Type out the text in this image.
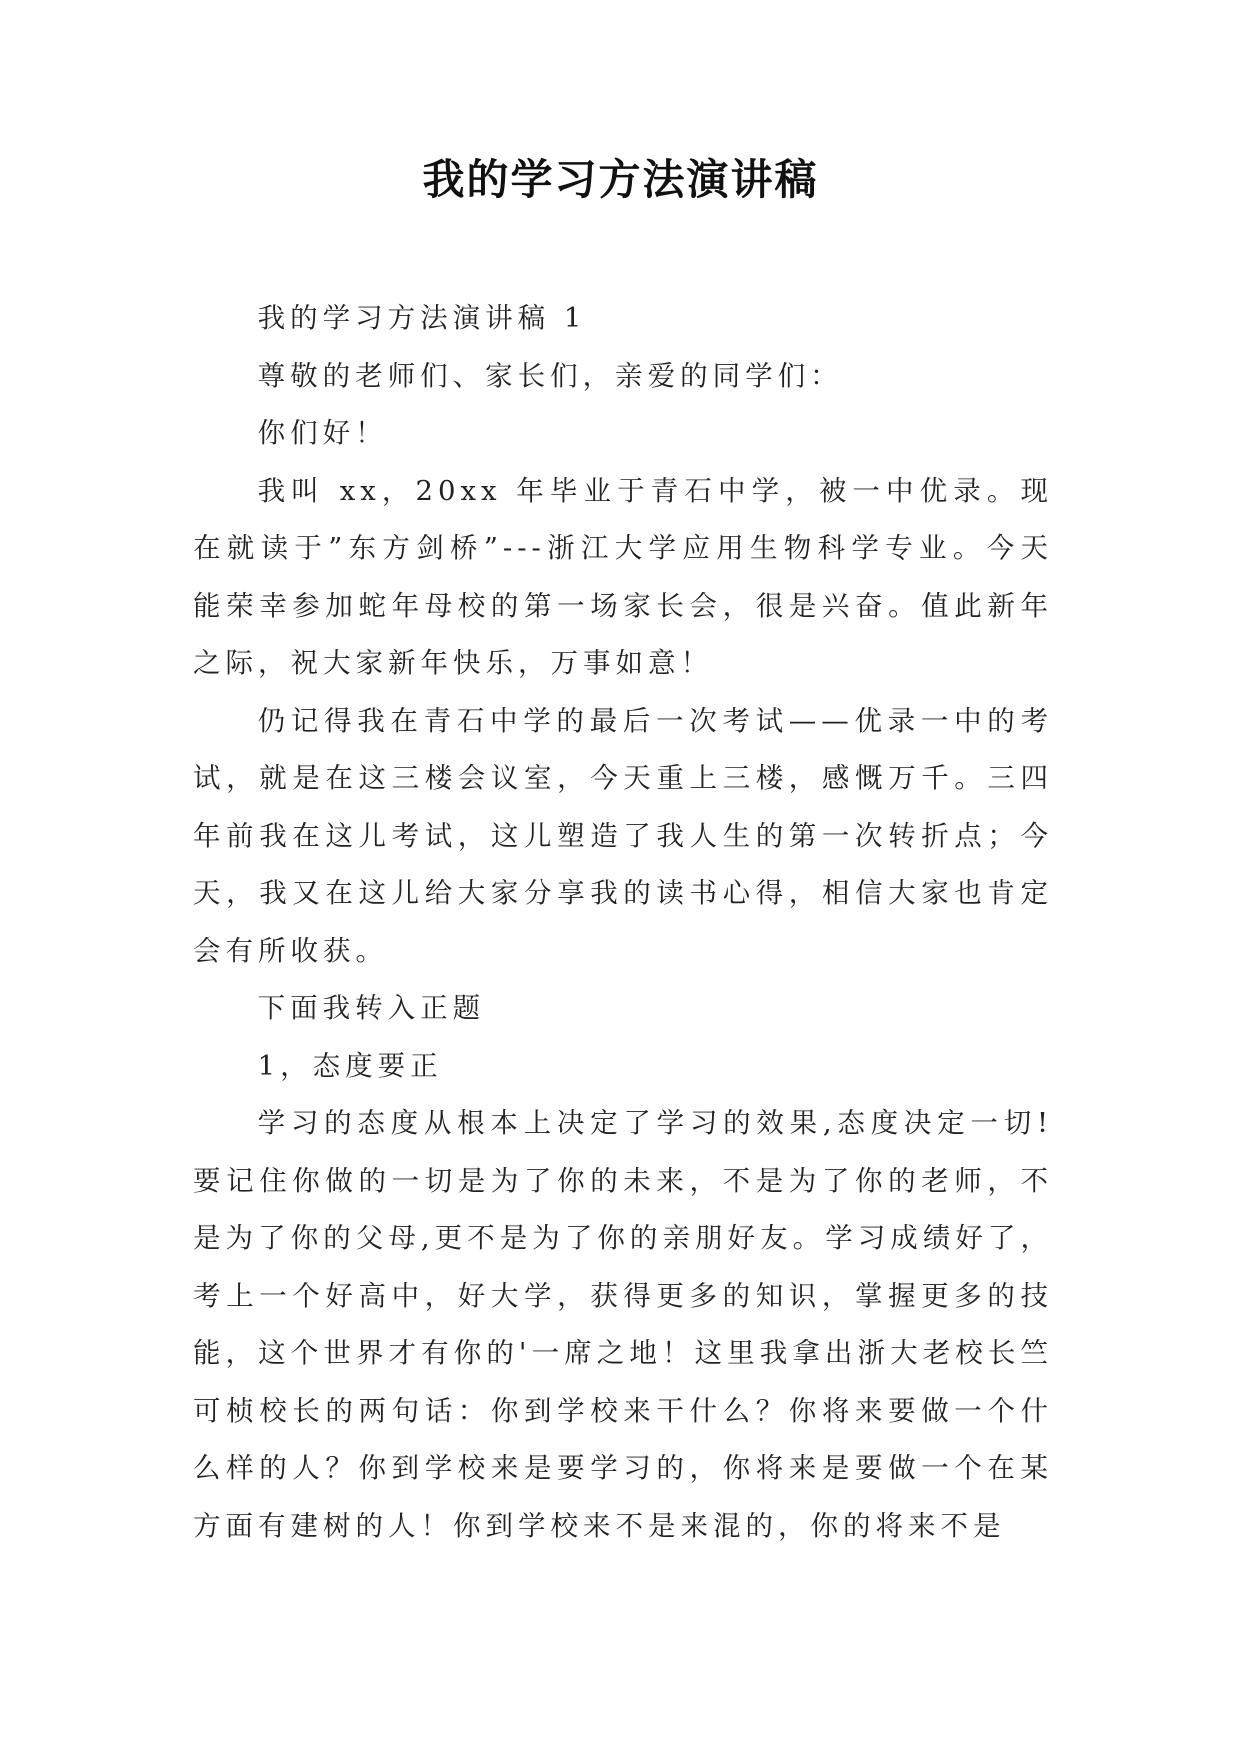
我的学习方法演讲稿

我的学习方法演讲稿 1

尊敬的老师们、家长们，亲爱的同学们：

你们好！

我叫 xx，20xx 年毕业于青石中学，被一中优录。现在就读于”东方剑桥”---浙江大学应用生物科学专业。今天能荣幸参加蛇年母校的第一场家长会，很是兴奋。值此新年之际，祝大家新年快乐，万事如意！

仍记得我在青石中学的最后一次考试——优录一中的考试，就是在这三楼会议室，今天重上三楼，感慨万千。三四年前我在这儿考试，这儿塑造了我人生的第一次转折点；今天，我又在这儿给大家分享我的读书心得，相信大家也肯定会有所收获。

下面我转入正题

1，态度要正

学习的态度从根本上决定了学习的效果,态度决定一切!要记住你做的一切是为了你的未来，不是为了你的老师，不是为了你的父母,更不是为了你的亲朋好友。学习成绩好了，考上一个好高中，好大学，获得更多的知识，掌握更多的技能，这个世界才有你的'一席之地！这里我拿出浙大老校长竺可桢校长的两句话：你到学校来干什么？你将来要做一个什么样的人？你到学校来是要学习的，你将来是要做一个在某方面有建树的人！你到学校来不是来混的，你的将来不是
